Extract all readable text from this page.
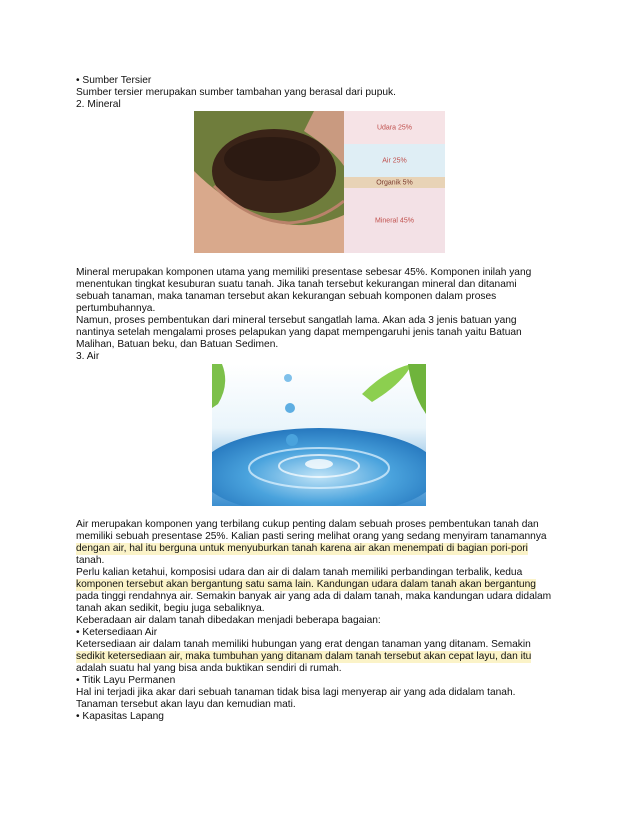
• Sumber Tersier
Sumber tersier merupakan sumber tambahan yang berasal dari pupuk.
2. Mineral
Udara 25%
Air 25%
Organik 5%
Mineral 45%
Mineral merupakan komponen utama yang memiliki presentase sebesar 45%. Komponen inilah yang
menentukan tingkat kesuburan suatu tanah. Jika tanah tersebut kekurangan mineral dan ditanami
sebuah tanaman, maka tanaman tersebut akan kekurangan sebuah komponen dalam proses
pertumbuhannya.
Namun, proses pembentukan dari mineral tersebut sangatlah lama. Akan ada 3 jenis batuan yang
nantinya setelah mengalami proses pelapukan yang dapat mempengaruhi jenis tanah yaitu Batuan
Malihan, Batuan beku, dan Batuan Sedimen.
3. Air
Air merupakan komponen yang terbilang cukup penting dalam sebuah proses pembentukan tanah dan
memiliki sebuah presentase 25%. Kalian pasti sering melihat orang yang sedang menyiram tanamannya
dengan air, hal itu berguna untuk menyuburkan tanah karena air akan menempati di bagian pori-pori
tanah.
Perlu kalian ketahui, komposisi udara dan air di dalam tanah memiliki perbandingan terbalik, kedua
komponen tersebut akan bergantung satu sama lain. Kandungan udara dalam tanah akan bergantung
pada tinggi rendahnya air. Semakin banyak air yang ada di dalam tanah, maka kandungan udara didalam
tanah akan sedikit, begiu juga sebaliknya.
Keberadaan air dalam tanah dibedakan menjadi beberapa bagaian:
• Ketersediaan Air
Ketersediaan air dalam tanah memiliki hubungan yang erat dengan tanaman yang ditanam. Semakin
sedikit ketersediaan air, maka tumbuhan yang ditanam dalam tanah tersebut akan cepat layu, dan itu
adalah suatu hal yang bisa anda buktikan sendiri di rumah.
• Titik Layu Permanen
Hal ini terjadi jika akar dari sebuah tanaman tidak bisa lagi menyerap air yang ada didalam tanah.
Tanaman tersebut akan layu dan kemudian mati.
• Kapasitas Lapang
